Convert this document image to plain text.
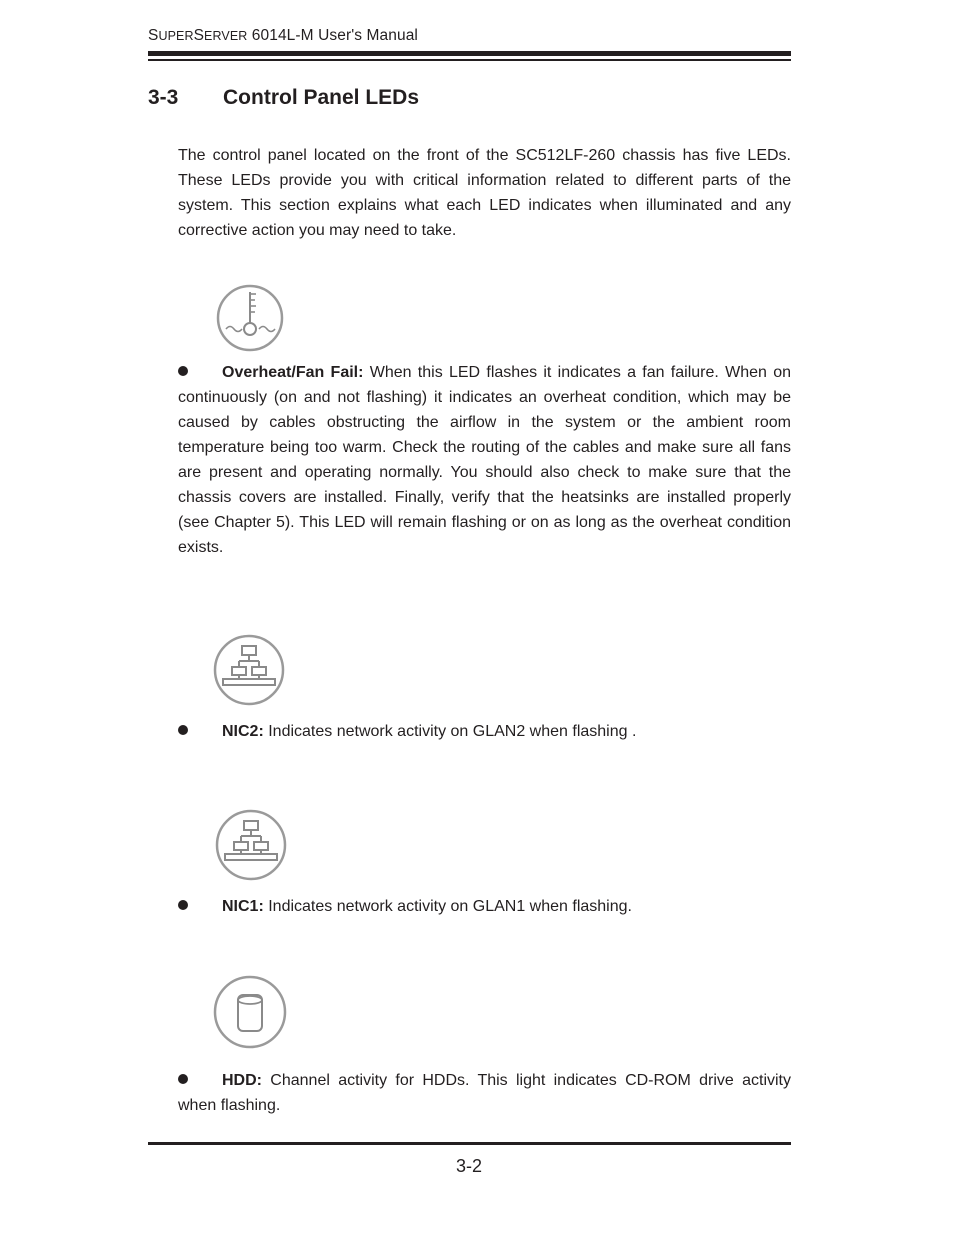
SUPERSERVER 6014L-M User's Manual
3-3 Control Panel LEDs
The control panel located on the front of the SC512LF-260 chassis has five LEDs. These LEDs provide you with critical information related to different parts of the system. This section explains what each LED indicates when illuminated and any corrective action you may need to take.
Overheat/Fan Fail: When this LED flashes it indicates a fan failure. When on continuously (on and not flashing) it indicates an overheat condition, which may be caused by cables obstructing the airflow in the system or the ambient room temperature being too warm. Check the routing of the cables and make sure all fans are present and operating normally. You should also check to make sure that the chassis covers are installed. Finally, verify that the heatsinks are installed properly (see Chapter 5). This LED will remain flashing or on as long as the overheat condition exists.
NIC2: Indicates network activity on GLAN2 when flashing .
NIC1: Indicates network activity on GLAN1 when flashing.
HDD: Channel activity for HDDs. This light indicates CD-ROM drive activity when flashing.
3-2
